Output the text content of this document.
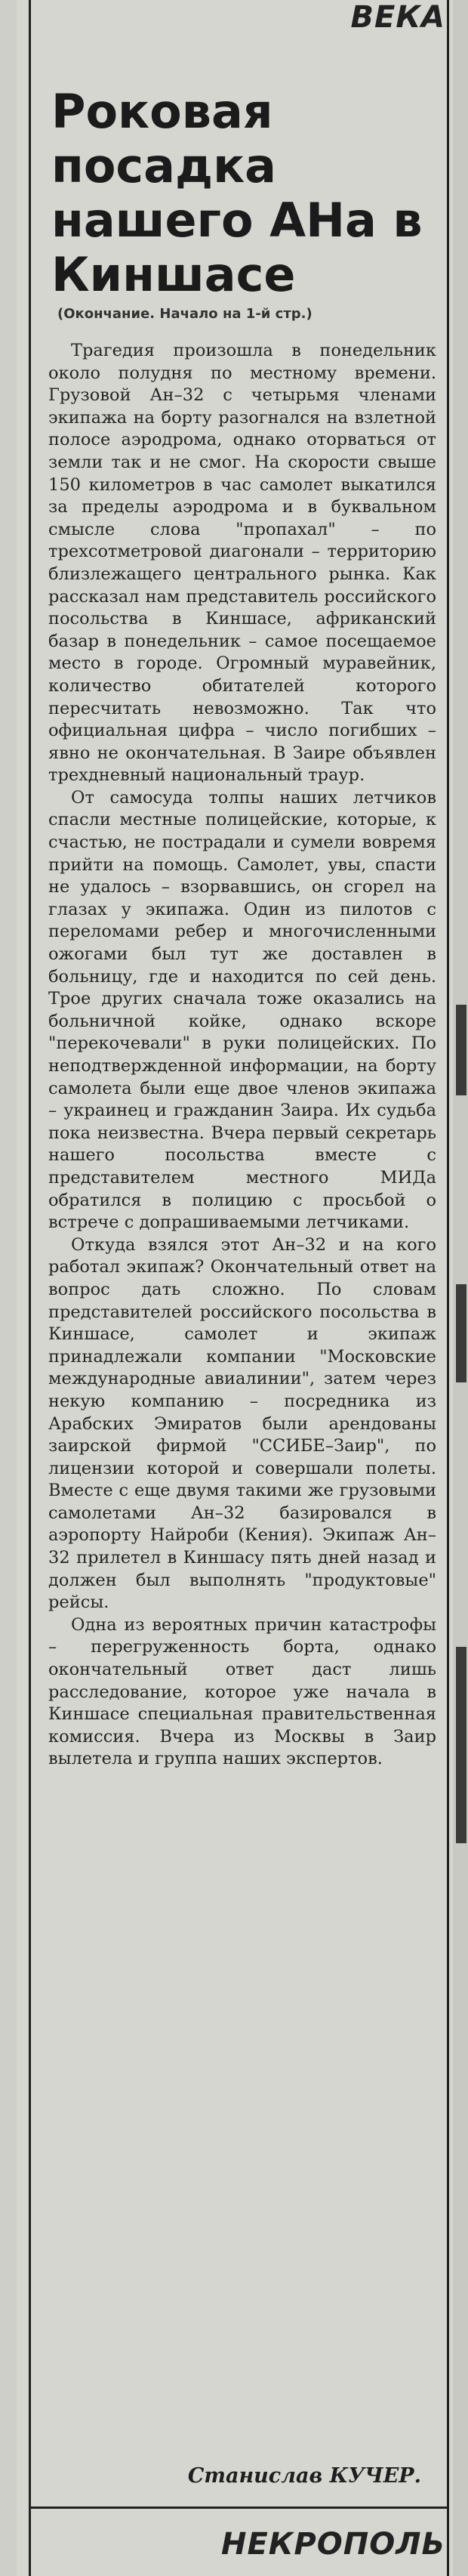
ВЕКА
Роковая посадка нашего АНа в Киншасе
(Окончание. Начало на 1-й стр.)

Трагедия произошла в понедельник около полудня по местному времени. Грузовой Ан–32 с четырьмя членами экипажа на борту разогнался на взлетной полосе аэродрома, однако оторваться от земли так и не смог. На скорости свыше 150 километров в час самолет выкатился за пределы аэродрома и в буквальном смысле слова "пропахал" – по трехсотметровой диагонали – территорию близлежащего центрального рынка. Как рассказал нам представитель российского посольства в Киншасе, африканский базар в понедельник – самое посещаемое место в городе. Огромный муравейник, количество обитателей которого пересчитать невозможно. Так что официальная цифра – число погибших – явно не окончательная. В Заире объявлен трехдневный национальный траур.

От самосуда толпы наших летчиков спасли местные полицейские, которые, к счастью, не пострадали и сумели вовремя прийти на помощь. Самолет, увы, спасти не удалось – взорвавшись, он сгорел на глазах у экипажа. Один из пилотов с переломами ребер и многочисленными ожогами был тут же доставлен в больницу, где и находится по сей день. Трое других сначала тоже оказались на больничной койке, однако вскоре "перекочевали" в руки полицейских. По неподтвержденной информации, на борту самолета были еще двое членов экипажа – украинец и гражданин Заира. Их судьба пока неизвестна. Вчера первый секретарь нашего посольства вместе с представителем местного МИДа обратился в полицию с просьбой о встрече с допрашиваемыми летчиками.

Откуда взялся этот Ан–32 и на кого работал экипаж? Окончательный ответ на вопрос дать сложно. По словам представителей российского посольства в Киншасе, самолет и экипаж принадлежали компании "Московские международные авиалинии", затем через некую компанию – посредника из Арабских Эмиратов были арендованы заирской фирмой "ССИБЕ–Заир", по лицензии которой и совершали полеты. Вместе с еще двумя такими же грузовыми самолетами Ан–32 базировался в аэропорту Найроби (Кения). Экипаж Ан–32 прилетел в Киншасу пять дней назад и должен был выполнять "продуктовые" рейсы.

Одна из вероятных причин катастрофы – перегруженность борта, однако окончательный ответ даст лишь расследование, которое уже начала в Киншасе специальная правительственная комиссия. Вчера из Москвы в Заир вылетела и группа наших экспертов.

Станислав КУЧЕР.
НЕКРОПОЛЬ
